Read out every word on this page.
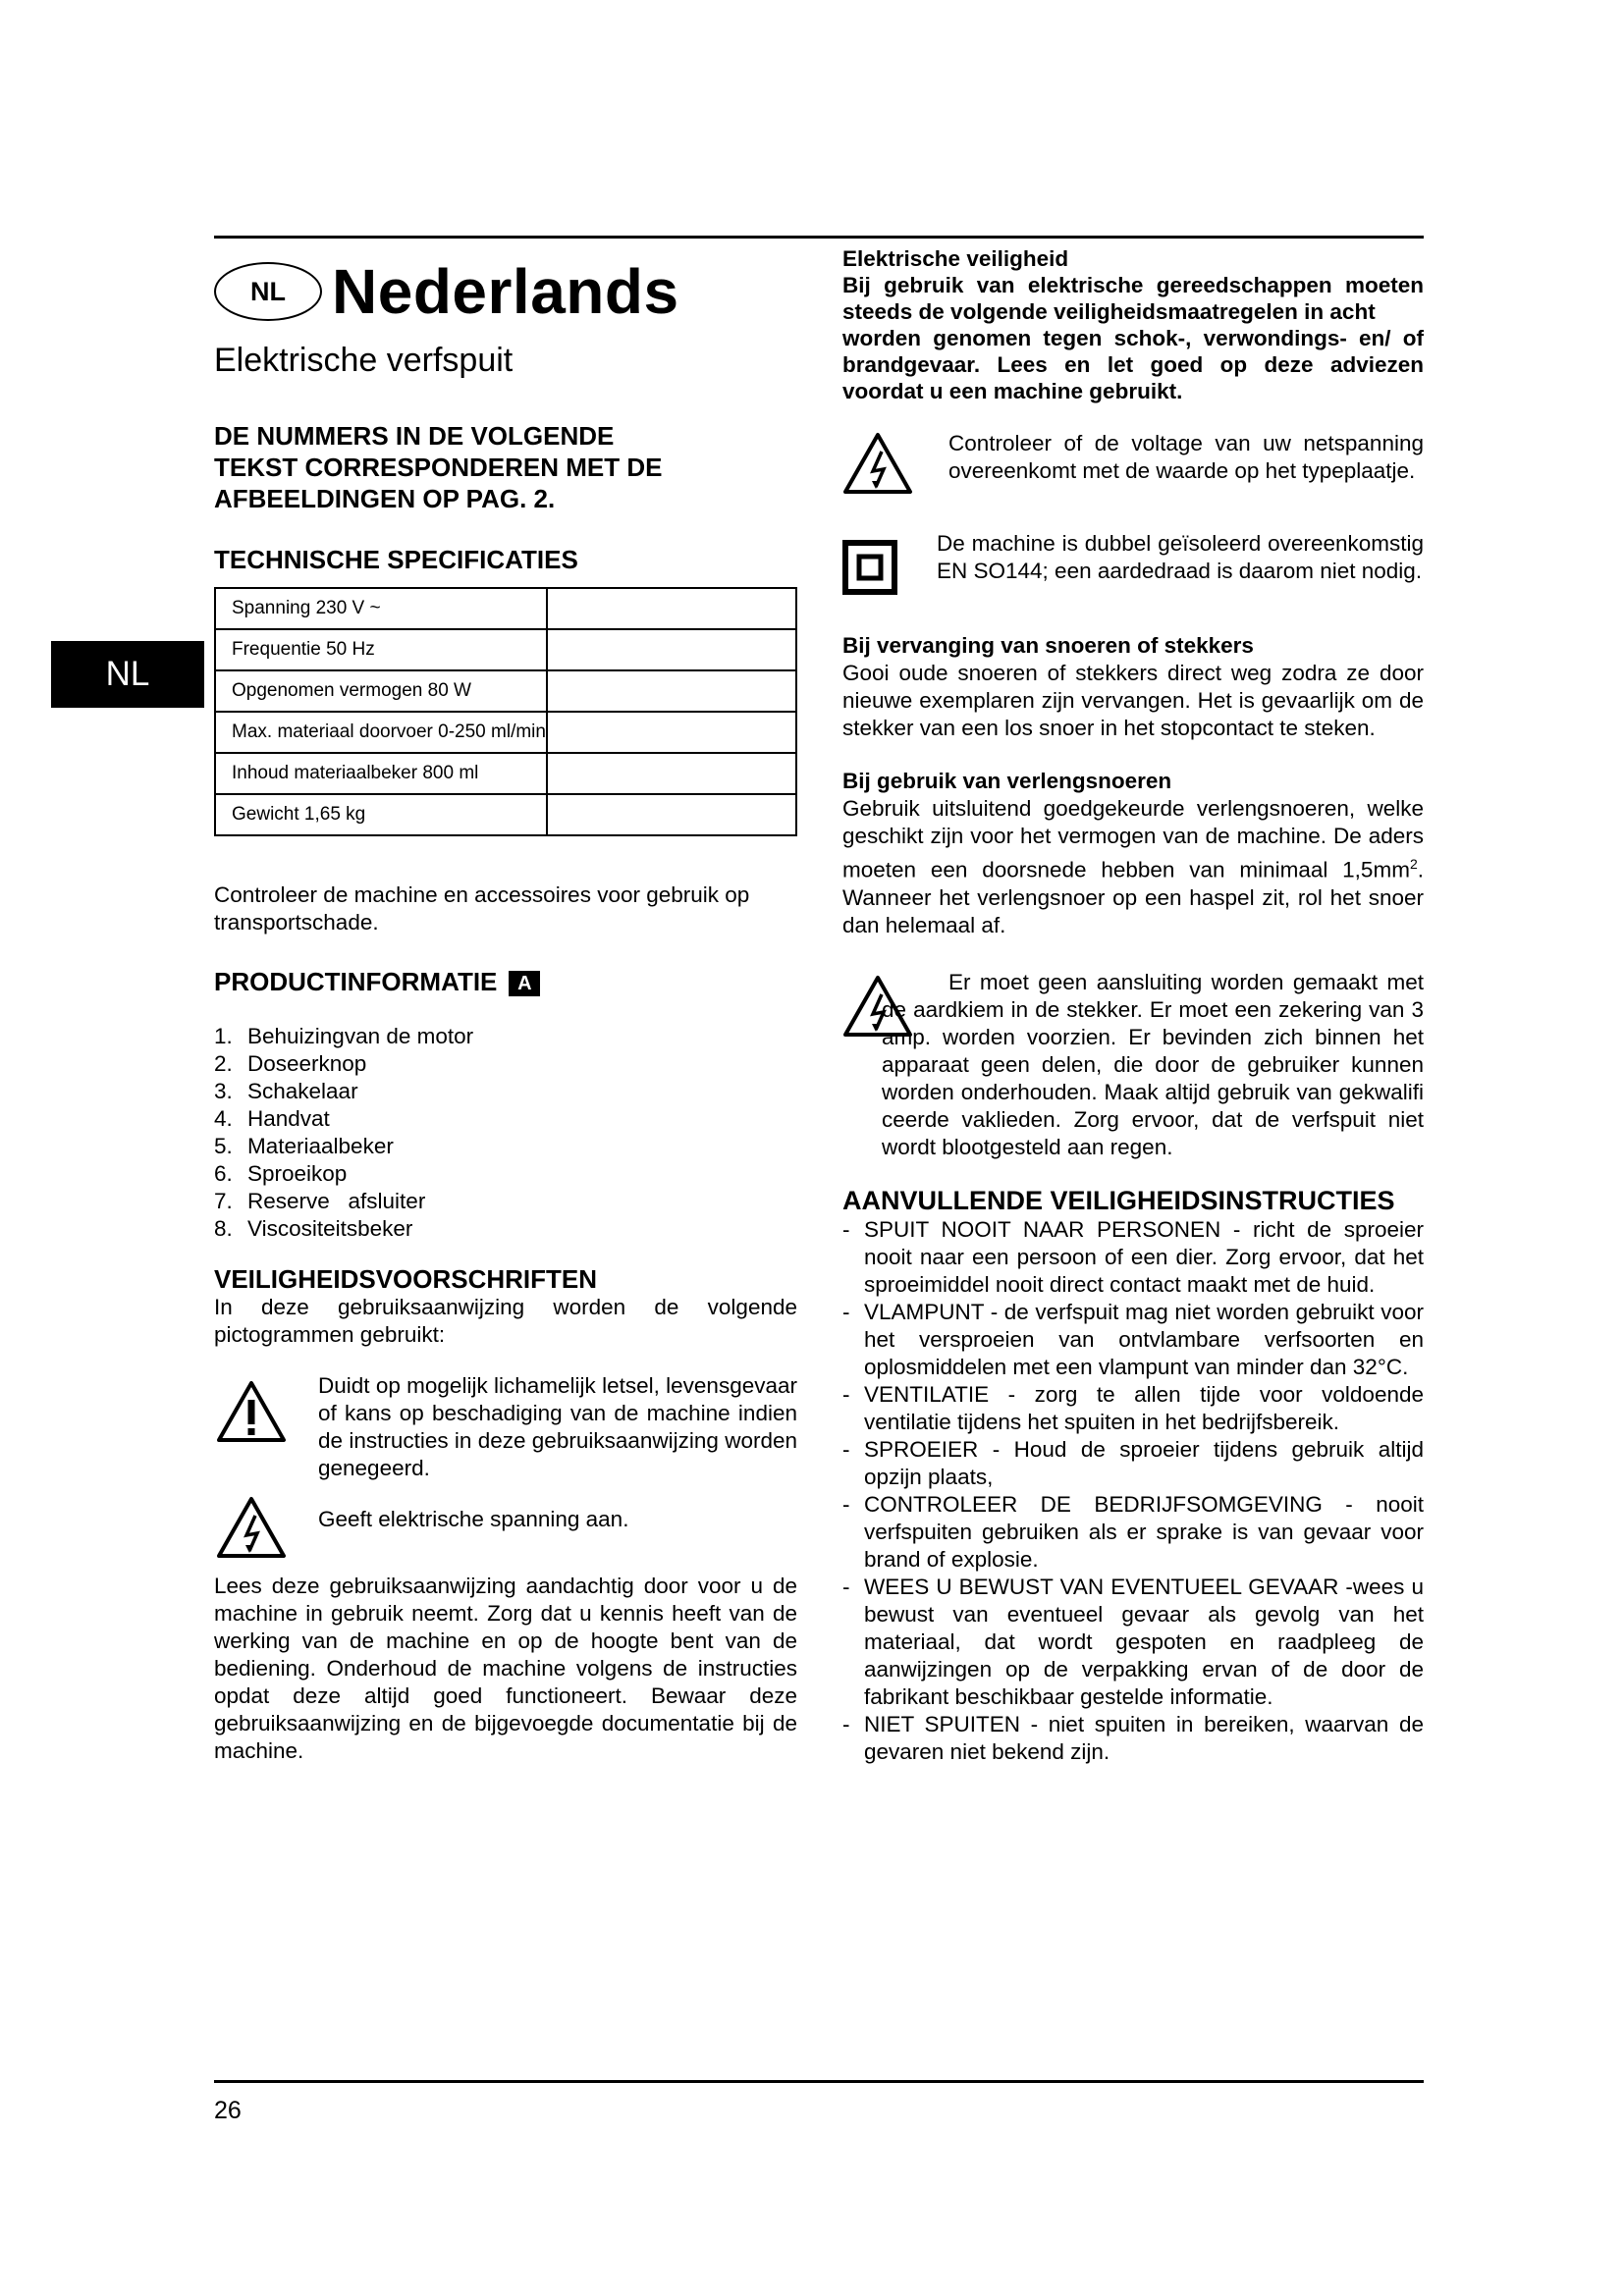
NL
NL Nederlands

Elektrische verfspuit

DE NUMMERS IN DE VOLGENDE

TEKST CORRESPONDEREN MET DE

AFBEELDINGEN OP PAG. 2.

TECHNISCHE SPECIFICATIES

Spanning 230 V ~	
Frequentie 50 Hz	
Opgenomen vermogen 80 W	
Max. materiaal doorvoer 0-250 ml/min	
Inhoud materiaalbeker 800 ml	
Gewicht 1,65 kg	

Controleer de machine en accessoires voor gebruik op transportschade.

PRODUCTINFORMATIE A

1. Behuizingvan de motor
2. Doseerknop
3. Schakelaar
4. Handvat
5. Materiaalbeker
6. Sproeikop
7. Reserve   afsluiter
8. Viscositeitsbeker

VEILIGHEIDSVOORSCHRIFTEN

In deze gebruiksaanwijzing worden de volgende pictogrammen gebruikt:

Duidt op mogelijk lichamelijk letsel, levensgevaar of kans op beschadiging van de machine indien de instructies in deze gebruiksaanwijzing worden genegeerd.

Geeft elektrische spanning aan.

Lees deze gebruiksaanwijzing aandachtig door voor u de machine in gebruik neemt. Zorg dat u kennis heeft van de werking van de machine en op de hoogte bent van de bediening. Onderhoud de machine volgens de instructies opdat deze altijd goed functioneert. Bewaar deze gebruiksaanwijzing en de bijgevoegde documentatie bij de machine.

Elektrische veiligheid

Bij gebruik van elektrische gereedschappen moeten steeds de volgende veiligheidsmaatregelen in acht

worden genomen tegen schok-, verwondings- en/ of brandgevaar. Lees en let goed op deze adviezen voordat u een machine gebruikt.

Controleer of de voltage van uw netspanning overeenkomt met de waarde op het typeplaatje.

De machine is dubbel geïsoleerd overeenkomstig EN SO144; een aardedraad is daarom niet nodig.

Bij vervanging van snoeren of stekkers

Gooi oude snoeren of stekkers direct weg zodra ze door nieuwe exemplaren zijn vervangen. Het is gevaarlijk om de stekker van een los snoer in het stopcontact te steken.

Bij gebruik van verlengsnoeren

Gebruik uitsluitend goedgekeurde verlengsnoeren, welke geschikt zijn voor het vermogen van de machine. De aders moeten een doorsnede hebben van minimaal $1,5mm^2$. Wanneer het verlengsnoer op een haspel zit, rol het snoer dan helemaal af.

Er moet geen aansluiting worden gemaakt met de aardkiem in de stekker. Er moet een zekering van 3 amp. worden voorzien. Er bevinden zich binnen het apparaat geen delen, die door de gebruiker kunnen worden onderhouden. Maak altijd gebruik van gekwalifi ceerde vaklieden. Zorg ervoor, dat de verfspuit niet wordt blootgesteld aan regen.

AANVULLENDE VEILIGHEIDSINSTRUCTIES

- SPUIT NOOIT NAAR PERSONEN - richt de sproeier nooit naar een persoon of een dier. Zorg ervoor, dat het sproeimiddel nooit direct contact maakt met de huid.
- VLAMPUNT - de verfspuit mag niet worden gebruikt voor het versproeien van ontvlambare verfsoorten en oplosmiddelen met een vlampunt van minder dan 32°C.
- VENTILATIE - zorg te allen tijde voor voldoende ventilatie tijdens het spuiten in het bedrijfsbereik.
- SPROEIER - Houd de sproeier tijdens gebruik altijd opzijn plaats,
- CONTROLEER DE BEDRIJFSOMGEVING - nooit verfspuiten gebruiken als er sprake is van gevaar voor brand of explosie.
- WEES U BEWUST VAN EVENTUEEL GEVAAR -wees u bewust van eventueel gevaar als gevolg van het materiaal, dat wordt gespoten en raadpleeg de aanwijzingen op de verpakking ervan of de door de fabrikant beschikbaar gestelde informatie.
- NIET SPUITEN - niet spuiten in bereiken, waarvan de gevaren niet bekend zijn.
26
